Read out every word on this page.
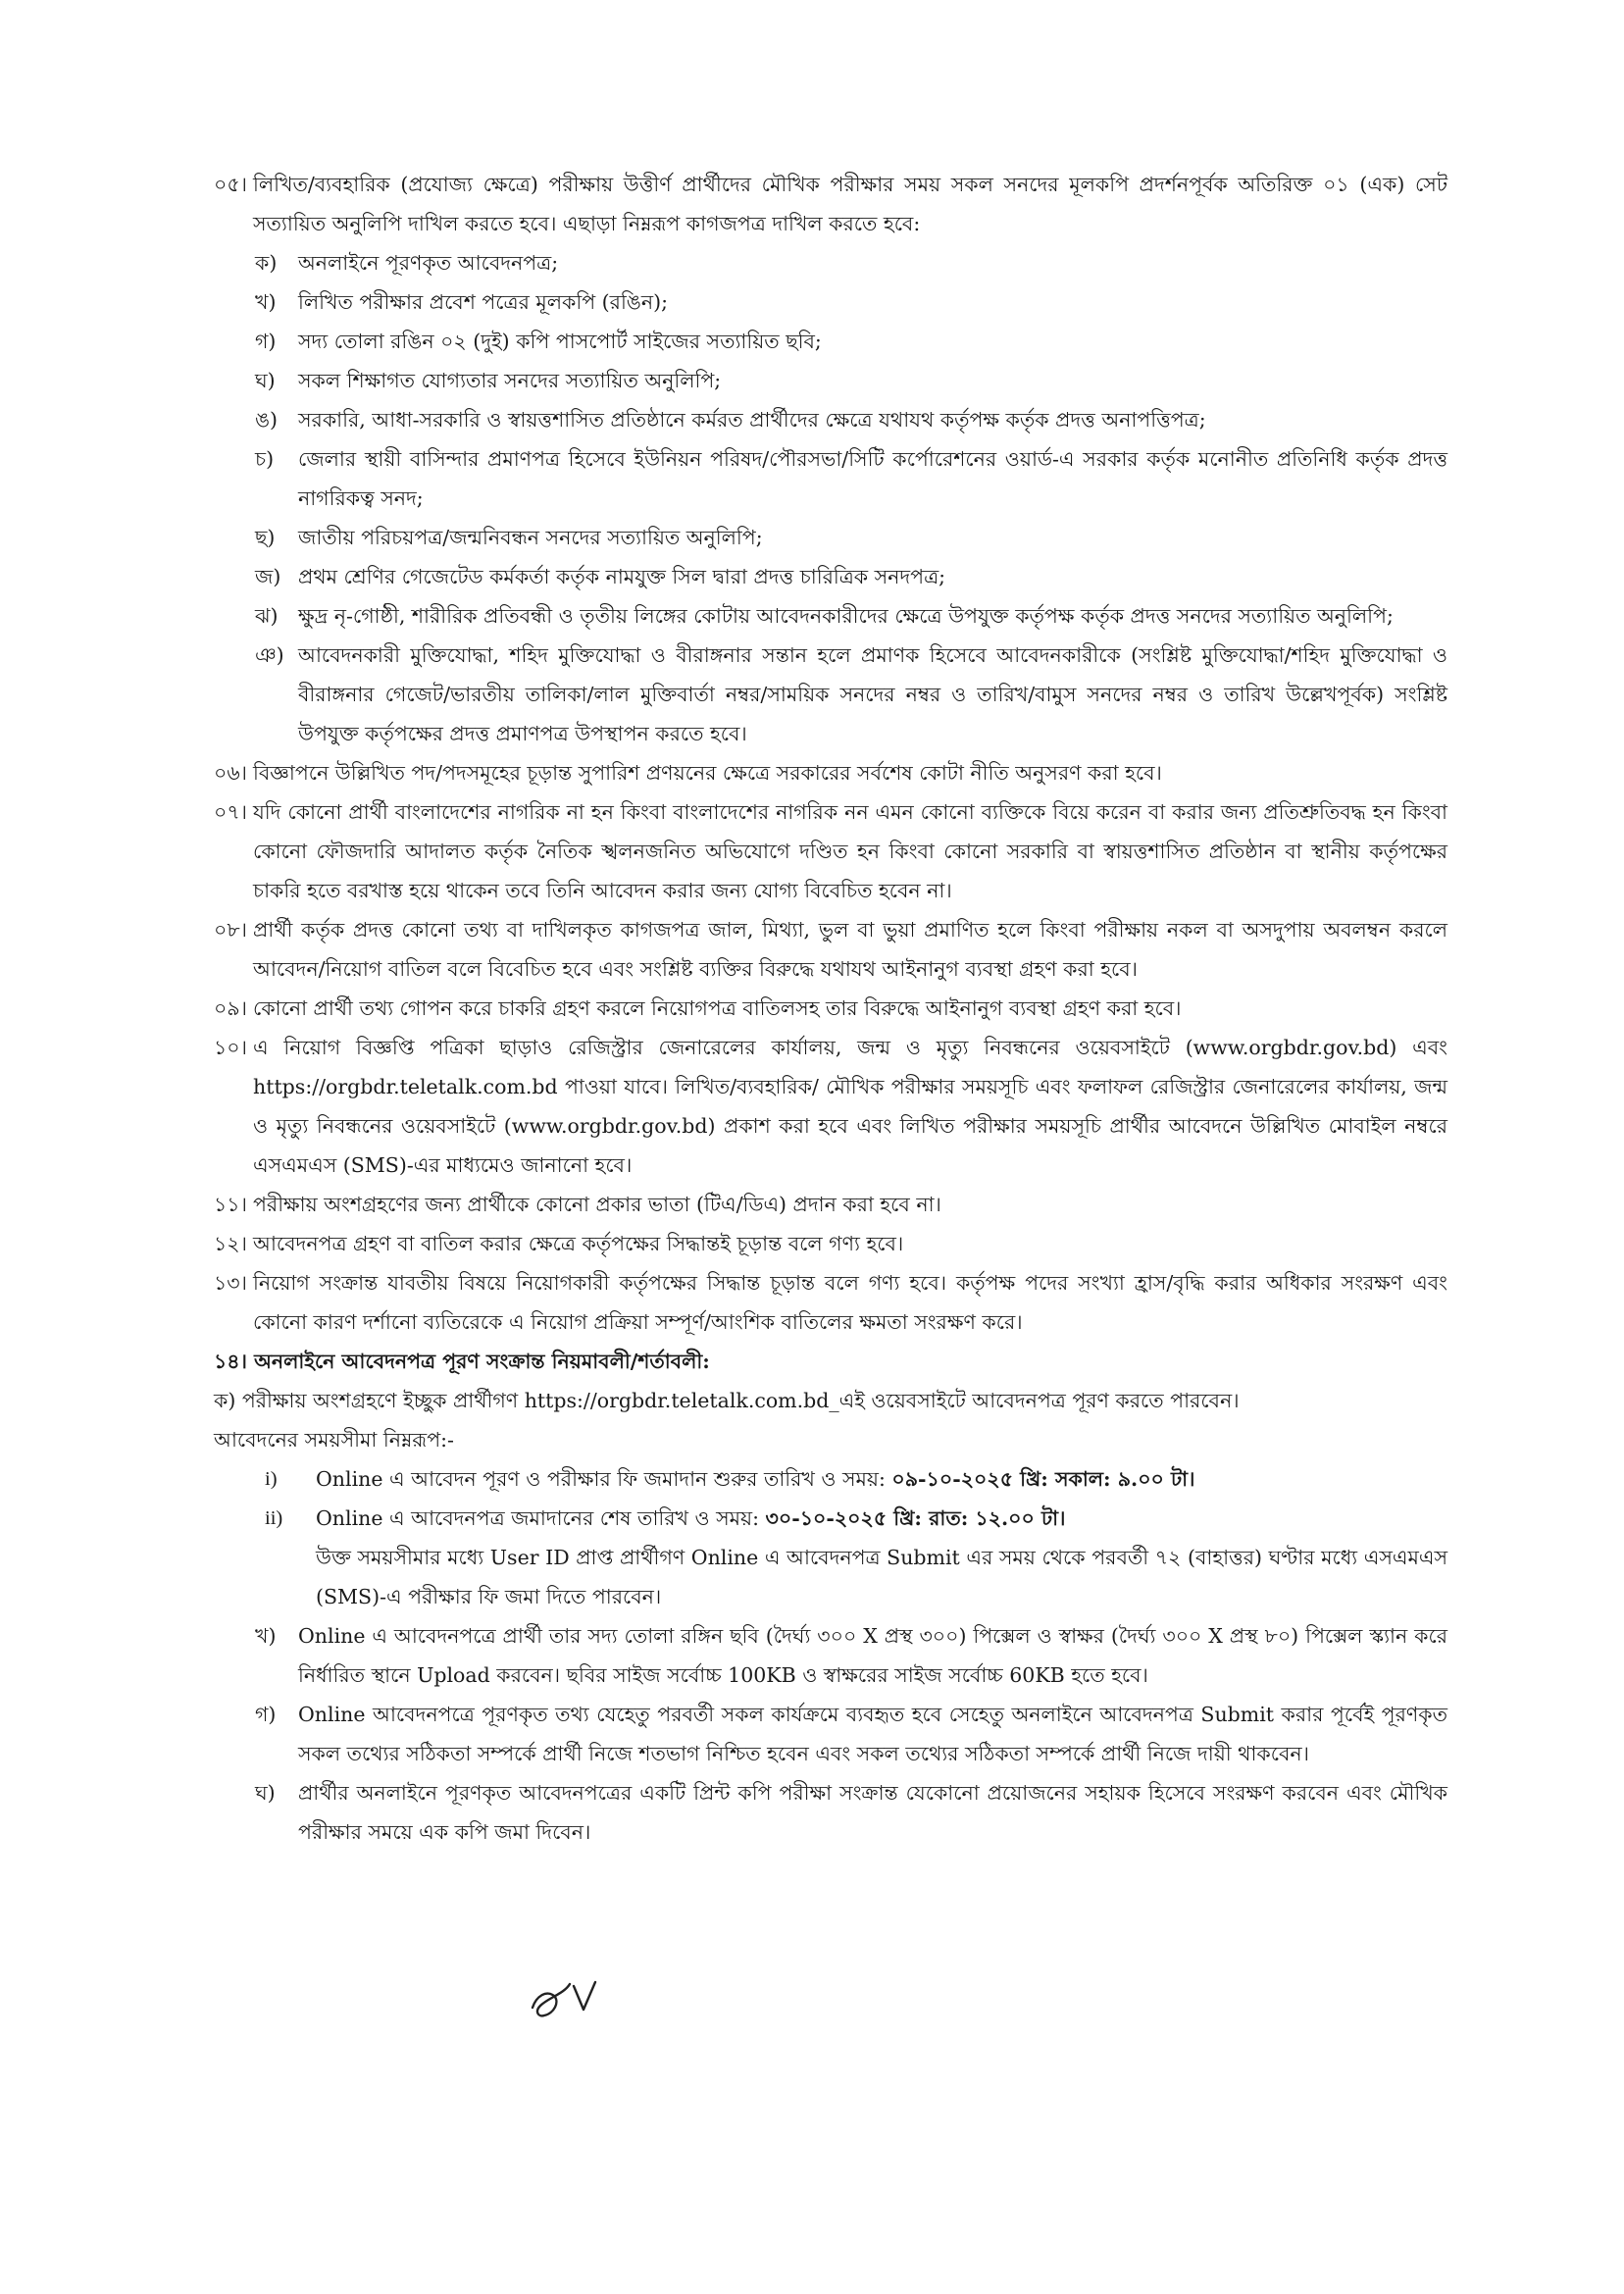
০৫। লিখিত/ব্যবহারিক (প্রযোজ্য ক্ষেত্রে) পরীক্ষায় উত্তীর্ণ প্রার্থীদের মৌখিক পরীক্ষার সময় সকল সনদের মূলকপি প্রদর্শনপূর্বক অতিরিক্ত ০১ (এক) সেট সত্যায়িত অনুলিপি দাখিল করতে হবে। এছাড়া নিম্নরূপ কাগজপত্র দাখিল করতে হবে:
ক)	অনলাইনে পূরণকৃত আবেদনপত্র;
খ)	লিখিত পরীক্ষার প্রবেশ পত্রের মূলকপি (রঙিন);
গ)	সদ্য তোলা রঙিন ০২ (দুই) কপি পাসপোর্ট সাইজের সত্যায়িত ছবি;
ঘ)	সকল শিক্ষাগত যোগ্যতার সনদের সত্যায়িত অনুলিপি;
ঙ)	সরকারি, আধা-সরকারি ও স্বায়ত্তশাসিত প্রতিষ্ঠানে কর্মরত প্রার্থীদের ক্ষেত্রে যথাযথ কর্তৃপক্ষ কর্তৃক প্রদত্ত অনাপত্তিপত্র;
চ)	জেলার স্থায়ী বাসিন্দার প্রমাণপত্র হিসেবে ইউনিয়ন পরিষদ/পৌরসভা/সিটি কর্পোরেশনের ওয়ার্ড-এ সরকার কর্তৃক মনোনীত প্রতিনিধি কর্তৃক প্রদত্ত নাগরিকত্ব সনদ;
ছ)	জাতীয় পরিচয়পত্র/জন্মনিবন্ধন সনদের সত্যায়িত অনুলিপি;
জ) প্রথম শ্রেণির গেজেটেড কর্মকর্তা কর্তৃক নামযুক্ত সিল দ্বারা প্রদত্ত চারিত্রিক সনদপত্র;
ঝ) ক্ষুদ্র নৃ-গোষ্ঠী, শারীরিক প্রতিবন্ধী ও তৃতীয় লিঙ্গের কোটায় আবেদনকারীদের ক্ষেত্রে উপযুক্ত কর্তৃপক্ষ কর্তৃক প্রদত্ত সনদের সত্যায়িত অনুলিপি;
ঞ) আবেদনকারী মুক্তিযোদ্ধা, শহিদ মুক্তিযোদ্ধা ও বীরাঙ্গনার সন্তান হলে প্রমাণক হিসেবে আবেদনকারীকে (সংশ্লিষ্ট মুক্তিযোদ্ধা/শহিদ মুক্তিযোদ্ধা ও বীরাঙ্গনার গেজেট/ভারতীয় তালিকা/লাল মুক্তিবার্তা নম্বর/সাময়িক সনদের নম্বর ও তারিখ/বামুস সনদের নম্বর ও তারিখ উল্লেখপূর্বক) সংশ্লিষ্ট উপযুক্ত কর্তৃপক্ষের প্রদত্ত প্রমাণপত্র উপস্থাপন করতে হবে।
০৬। বিজ্ঞাপনে উল্লিখিত পদ/পদসমূহের চূড়ান্ত সুপারিশ প্রণয়নের ক্ষেত্রে সরকারের সর্বশেষ কোটা নীতি অনুসরণ করা হবে।
০৭। যদি কোনো প্রার্থী বাংলাদেশের নাগরিক না হন কিংবা বাংলাদেশের নাগরিক নন এমন কোনো ব্যক্তিকে বিয়ে করেন বা করার জন্য প্রতিশ্রুতিবদ্ধ হন কিংবা কোনো ফৌজদারি আদালত কর্তৃক নৈতিক স্খলনজনিত অভিযোগে দণ্ডিত হন কিংবা কোনো সরকারি বা স্বায়ত্তশাসিত প্রতিষ্ঠান বা স্থানীয় কর্তৃপক্ষের চাকরি হতে বরখাস্ত হয়ে থাকেন তবে তিনি আবেদন করার জন্য যোগ্য বিবেচিত হবেন না।
০৮। প্রার্থী কর্তৃক প্রদত্ত কোনো তথ্য বা দাখিলকৃত কাগজপত্র জাল, মিথ্যা, ভুল বা ভুয়া প্রমাণিত হলে কিংবা পরীক্ষায় নকল বা অসদুপায় অবলম্বন করলে আবেদন/নিয়োগ বাতিল বলে বিবেচিত হবে এবং সংশ্লিষ্ট ব্যক্তির বিরুদ্ধে যথাযথ আইনানুগ ব্যবস্থা গ্রহণ করা হবে।
০৯। কোনো প্রার্থী তথ্য গোপন করে চাকরি গ্রহণ করলে নিয়োগপত্র বাতিলসহ তার বিরুদ্ধে আইনানুগ ব্যবস্থা গ্রহণ করা হবে।
১০। এ নিয়োগ বিজ্ঞপ্তি পত্রিকা ছাড়াও রেজিস্ট্রার জেনারেলের কার্যালয়, জন্ম ও মৃত্যু নিবন্ধনের ওয়েবসাইটে (www.orgbdr.gov.bd) এবং https://orgbdr.teletalk.com.bd পাওয়া যাবে। লিখিত/ব্যবহারিক/ মৌখিক পরীক্ষার সময়সূচি এবং ফলাফল রেজিস্ট্রার জেনারেলের কার্যালয়, জন্ম ও মৃত্যু নিবন্ধনের ওয়েবসাইটে (www.orgbdr.gov.bd) প্রকাশ করা হবে এবং লিখিত পরীক্ষার সময়সূচি প্রার্থীর আবেদনে উল্লিখিত মোবাইল নম্বরে এসএমএস (SMS)-এর মাধ্যমেও জানানো হবে।
১১। পরীক্ষায় অংশগ্রহণের জন্য প্রার্থীকে কোনো প্রকার ভাতা (টিএ/ডিএ) প্রদান করা হবে না।
১২। আবেদনপত্র গ্রহণ বা বাতিল করার ক্ষেত্রে কর্তৃপক্ষের সিদ্ধান্তই চূড়ান্ত বলে গণ্য হবে।
১৩। নিয়োগ সংক্রান্ত যাবতীয় বিষয়ে নিয়োগকারী কর্তৃপক্ষের সিদ্ধান্ত চূড়ান্ত বলে গণ্য হবে। কর্তৃপক্ষ পদের সংখ্যা হ্রাস/বৃদ্ধি করার অধিকার সংরক্ষণ এবং কোনো কারণ দর্শানো ব্যতিরেকে এ নিয়োগ প্রক্রিয়া সম্পূর্ণ/আংশিক বাতিলের ক্ষমতা সংরক্ষণ করে।

১৪। অনলাইনে আবেদনপত্র পূরণ সংক্রান্ত নিয়মাবলী/শর্তাবলী:

ক) পরীক্ষায় অংশগ্রহণে ইচ্ছুক প্রার্থীগণ https://orgbdr.teletalk.com.bd_এই ওয়েবসাইটে আবেদনপত্র পূরণ করতে পারবেন।

আবেদনের সময়সীমা নিম্নরূপ:-

i)	Online এ আবেদন পূরণ ও পরীক্ষার ফি জমাদান শুরুর তারিখ ও সময়: ০৯-১০-২০২৫ খ্রি: সকাল: ৯.০০ টা।
ii)	Online এ আবেদনপত্র জমাদানের শেষ তারিখ ও সময়: ৩০-১০-২০২৫ খ্রি: রাত: ১২.০০ টা।

উক্ত সময়সীমার মধ্যে User ID প্রাপ্ত প্রার্থীগণ Online এ আবেদনপত্র Submit এর সময় থেকে পরবর্তী ৭২ (বাহাত্তর) ঘণ্টার মধ্যে এসএমএস (SMS)-এ পরীক্ষার ফি জমা দিতে পারবেন।

খ)	Online এ আবেদনপত্রে প্রার্থী তার সদ্য তোলা রঙ্গিন ছবি (দৈর্ঘ্য ৩০০ X প্রস্থ ৩০০) পিক্সেল ও স্বাক্ষর (দৈর্ঘ্য ৩০০ X প্রস্থ ৮০) পিক্সেল স্ক্যান করে নির্ধারিত স্থানে Upload করবেন। ছবির সাইজ সর্বোচ্চ 100KB ও স্বাক্ষরের সাইজ সর্বোচ্চ 60KB হতে হবে।
গ)	Online আবেদনপত্রে পূরণকৃত তথ্য যেহেতু পরবর্তী সকল কার্যক্রমে ব্যবহৃত হবে সেহেতু অনলাইনে আবেদনপত্র Submit করার পূর্বেই পূরণকৃত সকল তথ্যের সঠিকতা সম্পর্কে প্রার্থী নিজে শতভাগ নিশ্চিত হবেন এবং সকল তথ্যের সঠিকতা সম্পর্কে প্রার্থী নিজে দায়ী থাকবেন।
ঘ)	প্রার্থীর অনলাইনে পূরণকৃত আবেদনপত্রের একটি প্রিন্ট কপি পরীক্ষা সংক্রান্ত যেকোনো প্রয়োজনের সহায়ক হিসেবে সংরক্ষণ করবেন এবং মৌখিক পরীক্ষার সময়ে এক কপি জমা দিবেন।
